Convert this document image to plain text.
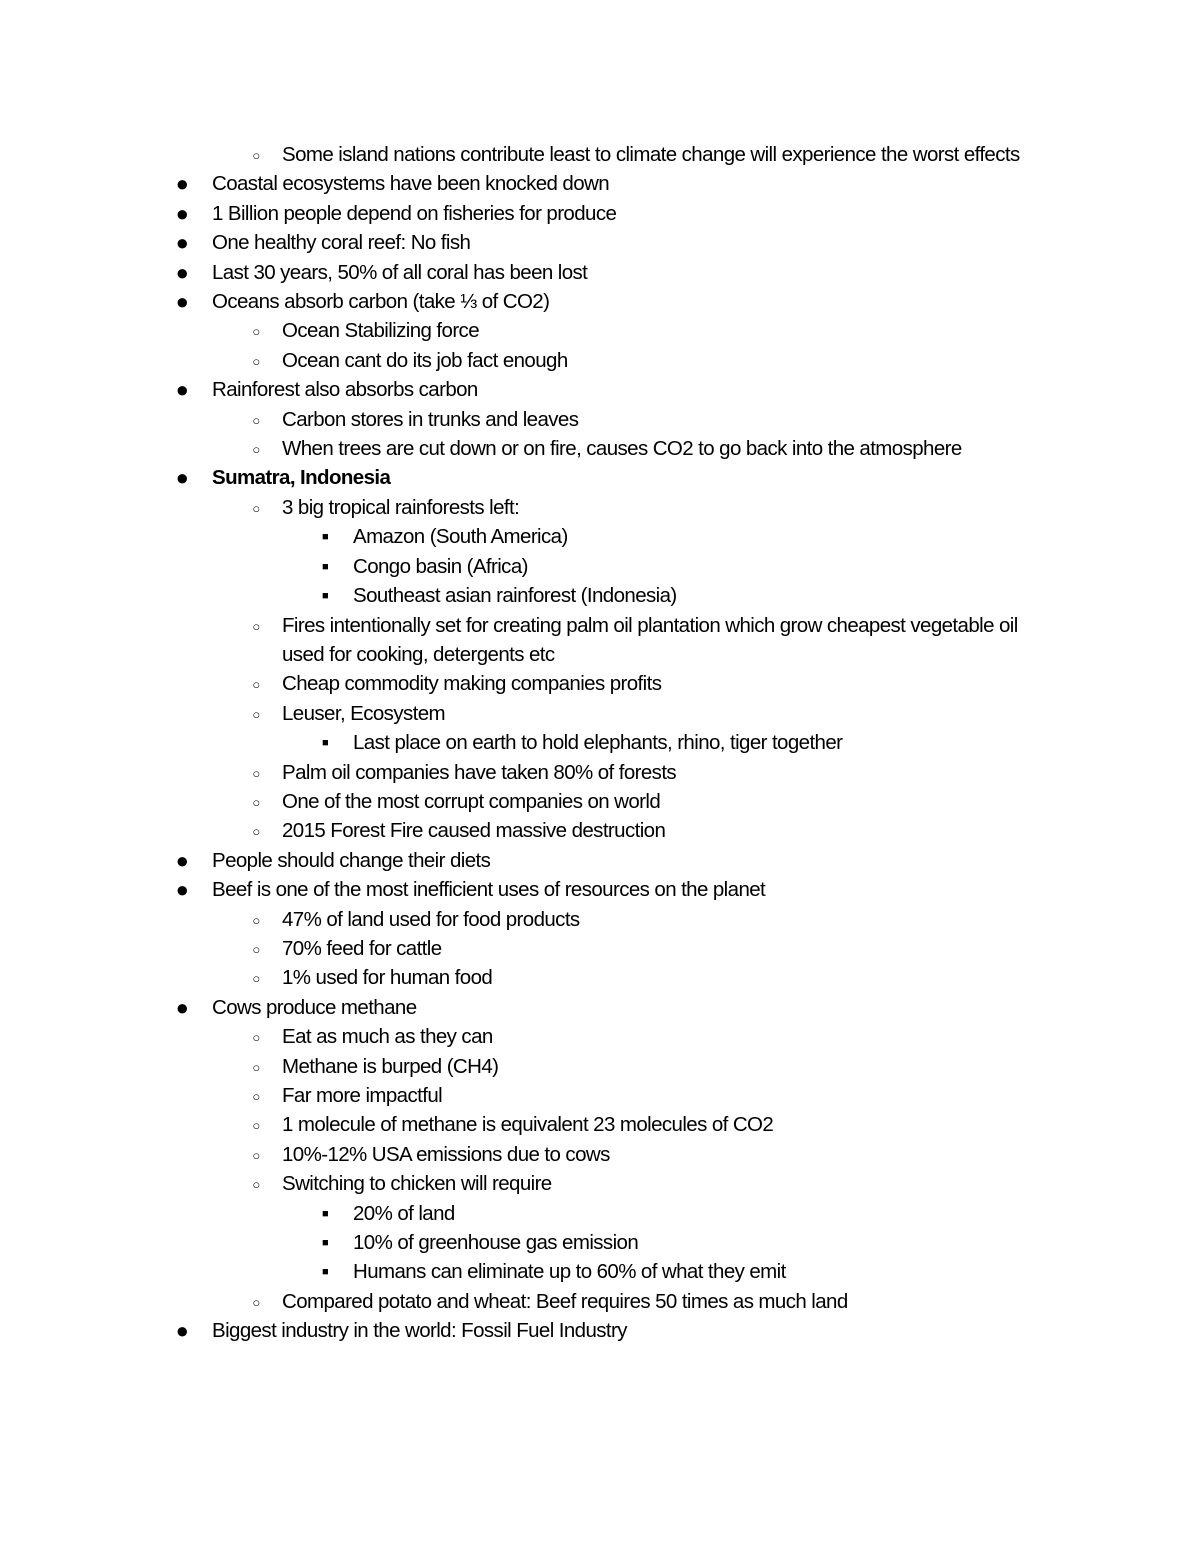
○	Some island nations contribute least to climate change will experience the worst effects
● Coastal ecosystems have been knocked down
● 1 Billion people depend on fisheries for produce
● One healthy coral reef: No fish
● Last 30 years, 50% of all coral has been lost
● Oceans absorb carbon (take ⅓ of CO2)
○	Ocean Stabilizing force
○	Ocean cant do its job fact enough
● Rainforest also absorbs carbon
○	Carbon stores in trunks and leaves
○	When trees are cut down or on fire, causes CO2 to go back into the atmosphere
● Sumatra, Indonesia
○	3 big tropical rainforests left:
■	Amazon (South America)
■	Congo basin (Africa)
■	Southeast asian rainforest (Indonesia)
○	Fires intentionally set for creating palm oil plantation which grow cheapest vegetable oil used for cooking, detergents etc
○	Cheap commodity making companies profits
○	Leuser, Ecosystem
■	Last place on earth to hold elephants, rhino, tiger together
○	Palm oil companies have taken 80% of forests
○	One of the most corrupt companies on world
○	2015 Forest Fire caused massive destruction
● People should change their diets
● Beef is one of the most inefficient uses of resources on the planet
○	47% of land used for food products
○	70% feed for cattle
○	1% used for human food
● Cows produce methane
○	Eat as much as they can
○	Methane is burped (CH4)
○	Far more impactful
○	1 molecule of methane is equivalent 23 molecules of CO2
○	10%-12% USA emissions due to cows
○	Switching to chicken will require
■	20% of land
■	10% of greenhouse gas emission
■	Humans can eliminate up to 60% of what they emit
○	Compared potato and wheat: Beef requires 50 times as much land
● Biggest industry in the world: Fossil Fuel Industry
